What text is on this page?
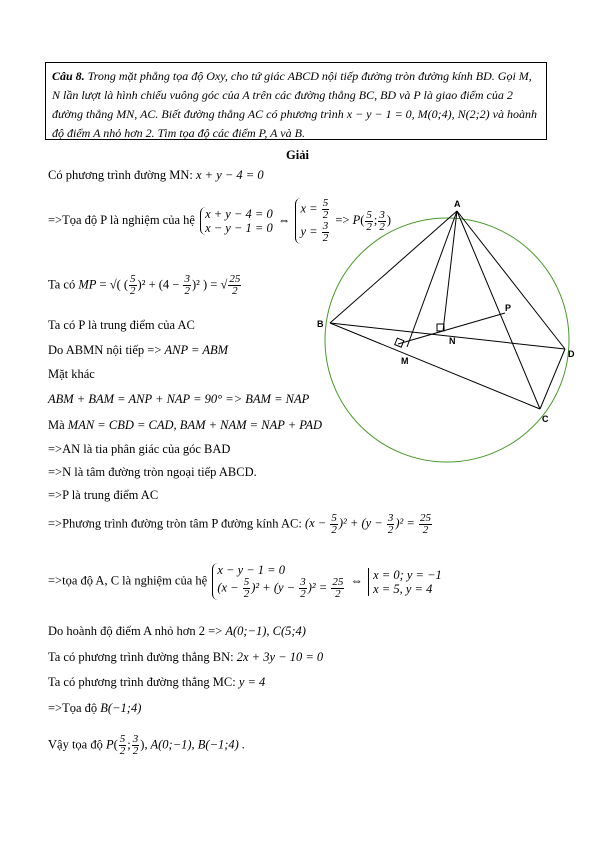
Câu 8. Trong mặt phẳng tọa độ Oxy, cho tứ giác ABCD nội tiếp đường tròn đường kính BD. Gọi M, N lần lượt là hình chiếu vuông góc của A trên các đường thẳng BC, BD và P là giao điểm của 2 đường thẳng MN, AC. Biết đường thẳng AC có phương trình x − y − 1 = 0, M(0;4), N(2;2) và hoành độ điểm A nhỏ hơn 2. Tìm tọa độ các điểm P, A và B.
Giải
Có phương trình đường MN: x + y − 4 = 0
=>Tọa độ P là nghiệm của hệ x + y − 4 = 0
x − y − 1 = 0
⇔
$x = \frac{5}{2}$
$y = \frac{3}{2}$
=> $P( \frac{5}{2}$ ; $\frac{3}{2}$ )
Ta có MP = √( ( $\frac{5}{2} )^2 + (4 - \frac{3}{2} )^2$ ) = √ $\frac{25}{2}$
Ta có P là trung điểm của AC
Do ABMN nội tiếp => ANP = ABM
Mặt khác
ABM + BAM = ANP + NAP = 90° => BAM = NAP
Mà MAN = CBD = CAD, BAM + NAM = NAP + PAD
=>AN là tia phân giác của góc BAD
=>N là tâm đường tròn ngoại tiếp ABCD.
=>P là trung điểm AC
=>Phương trình đường tròn tâm P đường kính AC: $(x - \frac{5}{2} )^2 + (y - \frac{3}{2} )^2 = \frac{25}{2}$
=>tọa độ A, C là nghiệm của hệ
x − y − 1 = 0
$(x - \frac{5}{2} )^2 + (y - \frac{3}{2} )^2 = \frac{25}{2}$ ⇔ x = 0; y = −1
x = 5, y = 4
Do hoành độ điểm A nhỏ hơn 2 => A(0;−1), C(5;4)
Ta có phương trình đường thẳng BN: 2x + 3y − 10 = 0
Ta có phương trình đường thẳng MC: y = 4
=>Tọa độ B(−1;4)
Vậy tọa độ $P( \frac{5}{2}$ ; $\frac{3}{2}$ ), A(0;−1), B(−1;4) .
A
B
C
D
M
N
P
